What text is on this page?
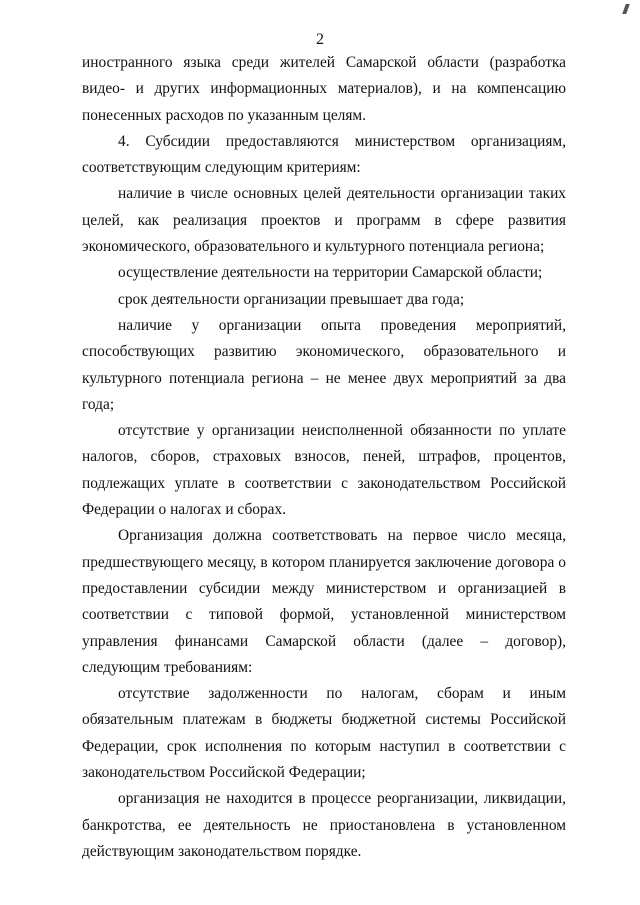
2

иностранного языка среди жителей Самарской области (разработка видео- и других информационных материалов), и на компенсацию понесенных расходов по указанным целям.

4. Субсидии предоставляются министерством организациям, соответствующим следующим критериям:

наличие в числе основных целей деятельности организации таких целей, как реализация проектов и программ в сфере развития экономического, образовательного и культурного потенциала региона;

осуществление деятельности на территории Самарской области;

срок деятельности организации превышает два года;

наличие у организации опыта проведения мероприятий, способствующих развитию экономического, образовательного и культурного потенциала региона – не менее двух мероприятий за два года;

отсутствие у организации неисполненной обязанности по уплате налогов, сборов, страховых взносов, пеней, штрафов, процентов, подлежащих уплате в соответствии с законодательством Российской Федерации о налогах и сборах.

Организация должна соответствовать на первое число месяца, предшествующего месяцу, в котором планируется заключение договора о предоставлении субсидии между министерством и организацией в соответствии с типовой формой, установленной министерством управления финансами Самарской области (далее – договор), следующим требованиям:

отсутствие задолженности по налогам, сборам и иным обязательным платежам в бюджеты бюджетной системы Российской Федерации, срок исполнения по которым наступил в соответствии с законодательством Российской Федерации;

организация не находится в процессе реорганизации, ликвидации, банкротства, ее деятельность не приостановлена в установленном действующим законодательством порядке.
